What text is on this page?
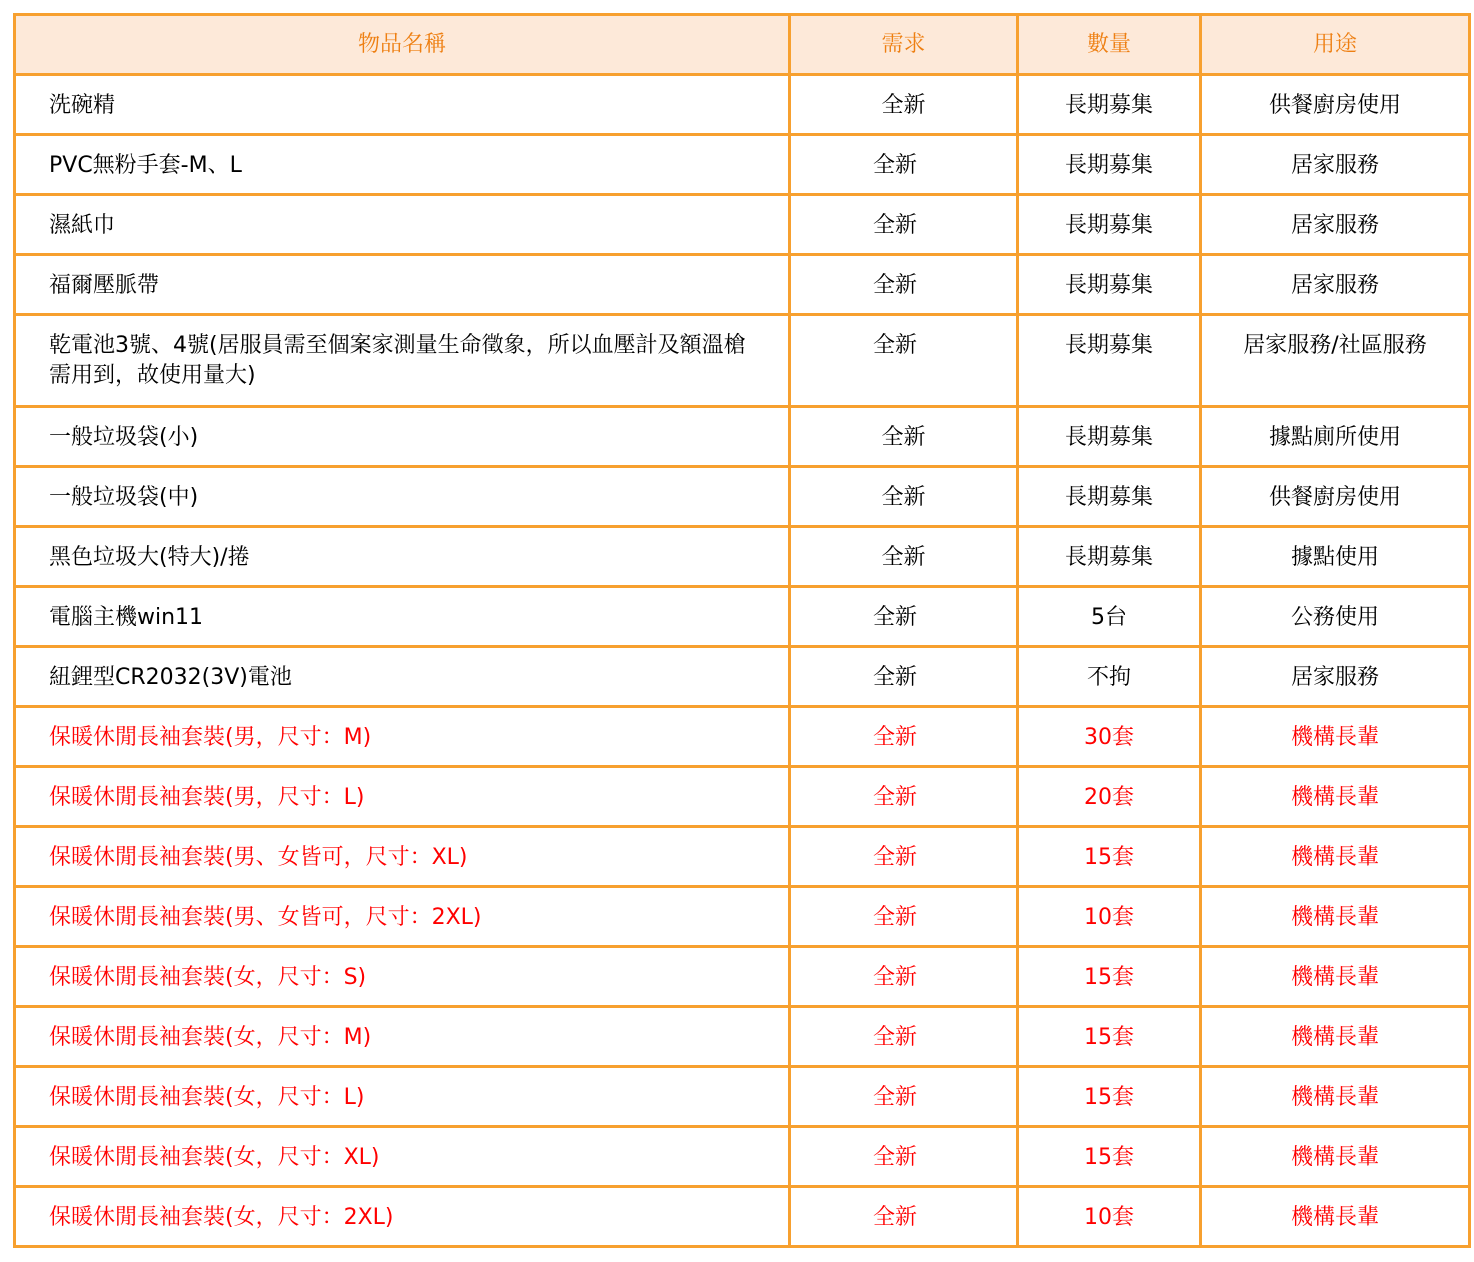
物品名稱	需求	數量	用途
洗碗精	全新	長期募集	供餐廚房使用
PVC無粉手套-M、L	全新	長期募集	居家服務
濕紙巾	全新	長期募集	居家服務
福爾壓脈帶	全新	長期募集	居家服務
乾電池3號、4號(居服員需至個案家測量生命徵象，所以血壓計及額溫槍需用到，故使用量大)	全新	長期募集	居家服務/社區服務
一般垃圾袋(小)	全新	長期募集	據點廁所使用
一般垃圾袋(中)	全新	長期募集	供餐廚房使用
黑色垃圾大(特大)/捲	全新	長期募集	據點使用
電腦主機win11	全新	5台	公務使用
紐鋰型CR2032(3V)電池	全新	不拘	居家服務
保暖休閒長袖套裝(男，尺寸：M)	全新	30套	機構長輩
保暖休閒長袖套裝(男，尺寸：L)	全新	20套	機構長輩
保暖休閒長袖套裝(男、女皆可，尺寸：XL)	全新	15套	機構長輩
保暖休閒長袖套裝(男、女皆可，尺寸：2XL)	全新	10套	機構長輩
保暖休閒長袖套裝(女，尺寸：S)	全新	15套	機構長輩
保暖休閒長袖套裝(女，尺寸：M)	全新	15套	機構長輩
保暖休閒長袖套裝(女，尺寸：L)	全新	15套	機構長輩
保暖休閒長袖套裝(女，尺寸：XL)	全新	15套	機構長輩
保暖休閒長袖套裝(女，尺寸：2XL)	全新	10套	機構長輩
